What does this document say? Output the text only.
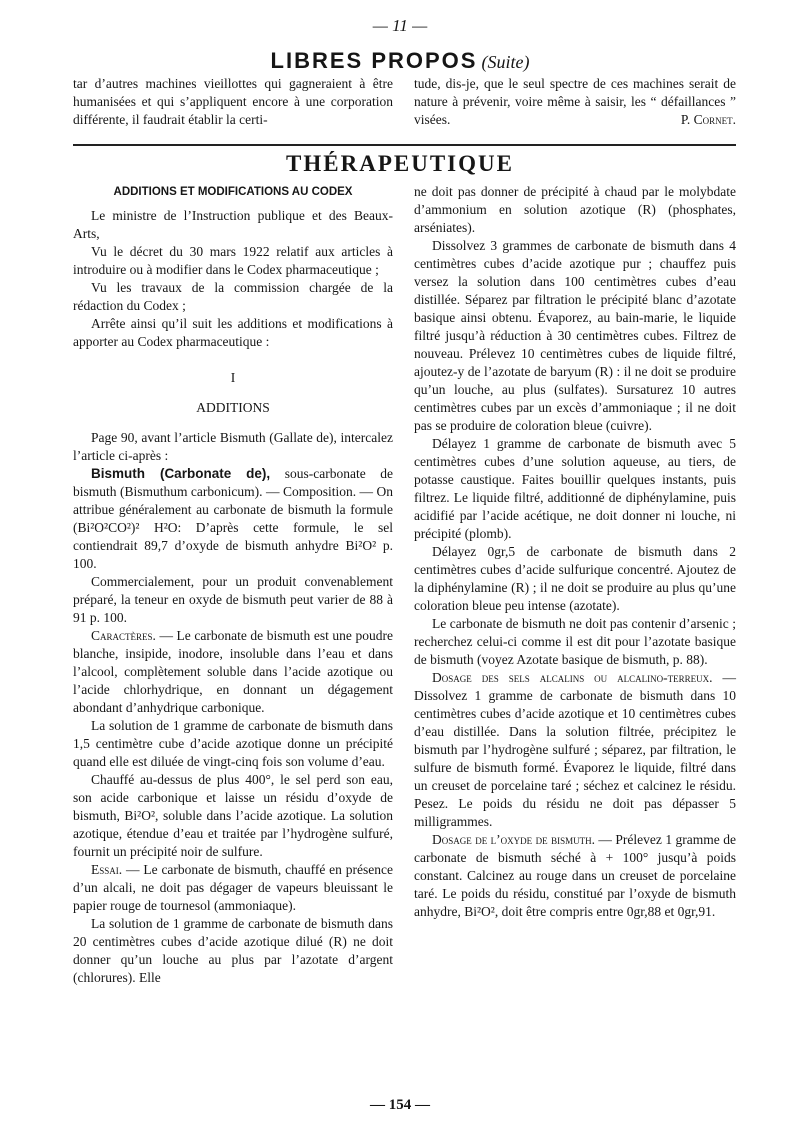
— 11 —
LIBRES PROPOS (Suite)

tar d’autres machines vieillottes qui gagneraient à être humanisées et qui s’appliquent encore à une corporation différente, il faudrait établir la certi-

tude, dis-je, que le seul spectre de ces machines serait de nature à prévenir, voire même à saisir, les “ défaillances ” visées.	P. Cornet.

THÉRAPEUTIQUE
ADDITIONS ET MODIFICATIONS AU CODEX

Le ministre de l’Instruction publique et des Beaux-Arts,

Vu le décret du 30 mars 1922 relatif aux articles à introduire ou à modifier dans le Codex pharmaceutique ;

Vu les travaux de la commission chargée de la rédaction du Codex ;

Arrête ainsi qu’il suit les additions et modifications à apporter au Codex pharmaceutique :

I

ADDITIONS

Page 90, avant l’article Bismuth (Gallate de), intercalez l’article ci-après :

Bismuth (Carbonate de), sous-carbonate de bismuth (Bismuthum carbonicum). — Composition. — On attribue généralement au carbonate de bismuth la formule (Bi²O²CO²)² H²O: D’après cette formule, le sel contiendrait 89,7 d’oxyde de bismuth anhydre Bi²O² p. 100.

Commercialement, pour un produit convenablement préparé, la teneur en oxyde de bismuth peut varier de 88 à 91 p. 100.

Caractères. — Le carbonate de bismuth est une poudre blanche, insipide, inodore, insoluble dans l’eau et dans l’alcool, complètement soluble dans l’acide azotique ou l’acide chlorhydrique, en donnant un dégagement abondant d’anhydrique carbonique.

La solution de 1 gramme de carbonate de bismuth dans 1,5 centimètre cube d’acide azotique donne un précipité quand elle est diluée de vingt-cinq fois son volume d’eau.

Chauffé au-dessus de plus 400°, le sel perd son eau, son acide carbonique et laisse un résidu d’oxyde de bismuth, Bi²O², soluble dans l’acide azotique. La solution azotique, étendue d’eau et traitée par l’hydrogène sulfuré, fournit un précipité noir de sulfure.

Essai. — Le carbonate de bismuth, chauffé en présence d’un alcali, ne doit pas dégager de vapeurs bleuissant le papier rouge de tournesol (ammoniaque).

La solution de 1 gramme de carbonate de bismuth dans 20 centimètres cubes d’acide azotique dilué (R) ne doit donner qu’un louche au plus par l’azotate d’argent (chlorures). Elle

ne doit pas donner de précipité à chaud par le molybdate d’ammonium en solution azotique (R) (phosphates, arséniates).

Dissolvez 3 grammes de carbonate de bismuth dans 4 centimètres cubes d’acide azotique pur ; chauffez puis versez la solution dans 100 centimètres cubes d’eau distillée. Séparez par filtration le précipité blanc d’azotate basique ainsi obtenu. Évaporez, au bain-marie, le liquide filtré jusqu’à réduction à 30 centimètres cubes. Filtrez de nouveau. Prélevez 10 centimètres cubes de liquide filtré, ajoutez-y de l’azotate de baryum (R) : il ne doit se produire qu’un louche, au plus (sulfates). Sursaturez 10 autres centimètres cubes par un excès d’ammoniaque ; il ne doit pas se produire de coloration bleue (cuivre).

Délayez 1 gramme de carbonate de bismuth avec 5 centimètres cubes d’une solution aqueuse, au tiers, de potasse caustique. Faites bouillir quelques instants, puis filtrez. Le liquide filtré, additionné de diphénylamine, puis acidifié par l’acide acétique, ne doit donner ni louche, ni précipité (plomb).

Délayez 0gr,5 de carbonate de bismuth dans 2 centimètres cubes d’acide sulfurique concentré. Ajoutez de la diphénylamine (R) ; il ne doit se produire au plus qu’une coloration bleue peu intense (azotate).

Le carbonate de bismuth ne doit pas contenir d’arsenic ; recherchez celui-ci comme il est dit pour l’azotate basique de bismuth (voyez Azotate basique de bismuth, p. 88).

Dosage des sels alcalins ou alcalino-terreux. — Dissolvez 1 gramme de carbonate de bismuth dans 10 centimètres cubes d’acide azotique et 10 centimètres cubes d’eau distillée. Dans la solution filtrée, précipitez le bismuth par l’hydrogène sulfuré ; séparez, par filtration, le sulfure de bismuth formé. Évaporez le liquide, filtré dans un creuset de porcelaine taré ; séchez et calcinez le résidu. Pesez. Le poids du résidu ne doit pas dépasser 5 milligrammes.

Dosage de l’oxyde de bismuth. — Prélevez 1 gramme de carbonate de bismuth séché à + 100° jusqu’à poids constant. Calcinez au rouge dans un creuset de porcelaine taré. Le poids du résidu, constitué par l’oxyde de bismuth anhydre, Bi²O², doit être compris entre 0gr,88 et 0gr,91.

— 154 —
